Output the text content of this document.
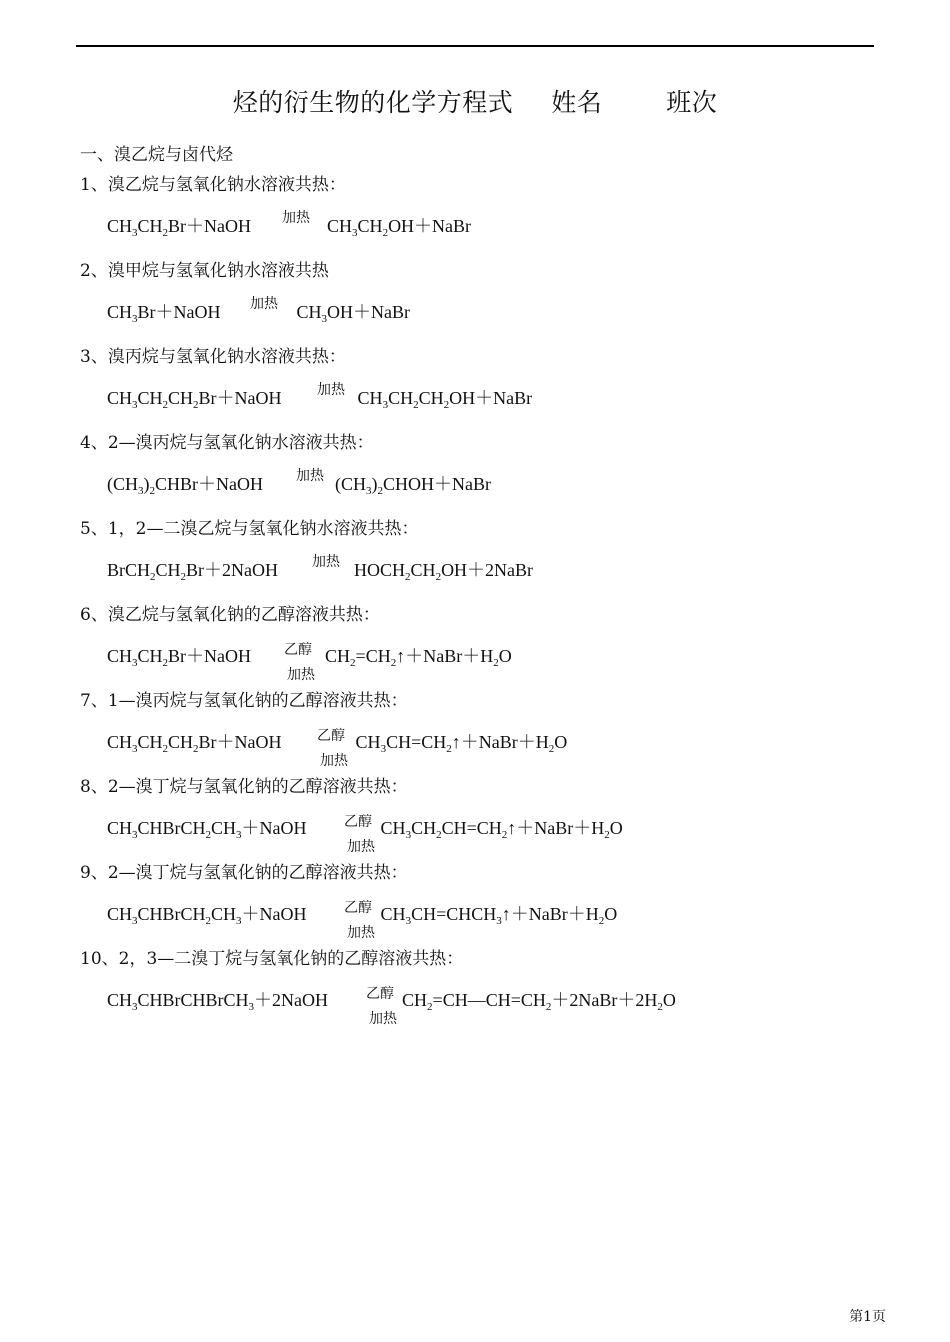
烃的衍生物的化学方程式 姓名	班次
一、溴乙烷与卤代烃
1、溴乙烷与氢氧化钠水溶液共热：
$CH_3CH_2Br+NaOH$	$CH_3CH_2OH+NaBr$
加热
2、溴甲烷与氢氧化钠水溶液共热
$CH_3Br+NaOH$	$CH_3OH+NaBr$
加热
3、溴丙烷与氢氧化钠水溶液共热：
$CH_3CH_2CH_2Br+NaOH$	$CH_3CH_2CH_2OH+NaBr$
加热
4、2—溴丙烷与氢氧化钠水溶液共热：
$(CH_3)_2CHBr+NaOH$	$(CH_3)_2CHOH+NaBr$
加热
5、1，2—二溴乙烷与氢氧化钠水溶液共热：
$BrCH_2CH_2Br+2NaOH$	$HOCH_2CH_2OH+2NaBr$
加热
6、溴乙烷与氢氧化钠的乙醇溶液共热：
$CH_3CH_2Br+NaOH$	$CH_2=CH_2↑+NaBr+H_2O$
乙醇
加热
7、1—溴丙烷与氢氧化钠的乙醇溶液共热：
$CH_3CH_2CH_2Br+NaOH$	$CH_3CH=CH_2↑+NaBr+H_2O$
乙醇
加热
8、2—溴丁烷与氢氧化钠的乙醇溶液共热：
$CH_3CHBrCH_2CH_3+NaOH$	$CH_3CH_2CH=CH_2↑+NaBr+H_2O$
乙醇
加热
9、2—溴丁烷与氢氧化钠的乙醇溶液共热：
$CH_3CHBrCH_2CH_3+NaOH$	$CH_3CH=CHCH_3↑+NaBr+H_2O$
乙醇
加热
10、2，3—二溴丁烷与氢氧化钠的乙醇溶液共热：
$CH_3CHBrCHBrCH_3+2NaOH$	$CH_2=CH—CH=CH_2+2NaBr+2H_2O$
乙醇
加热
第1页
